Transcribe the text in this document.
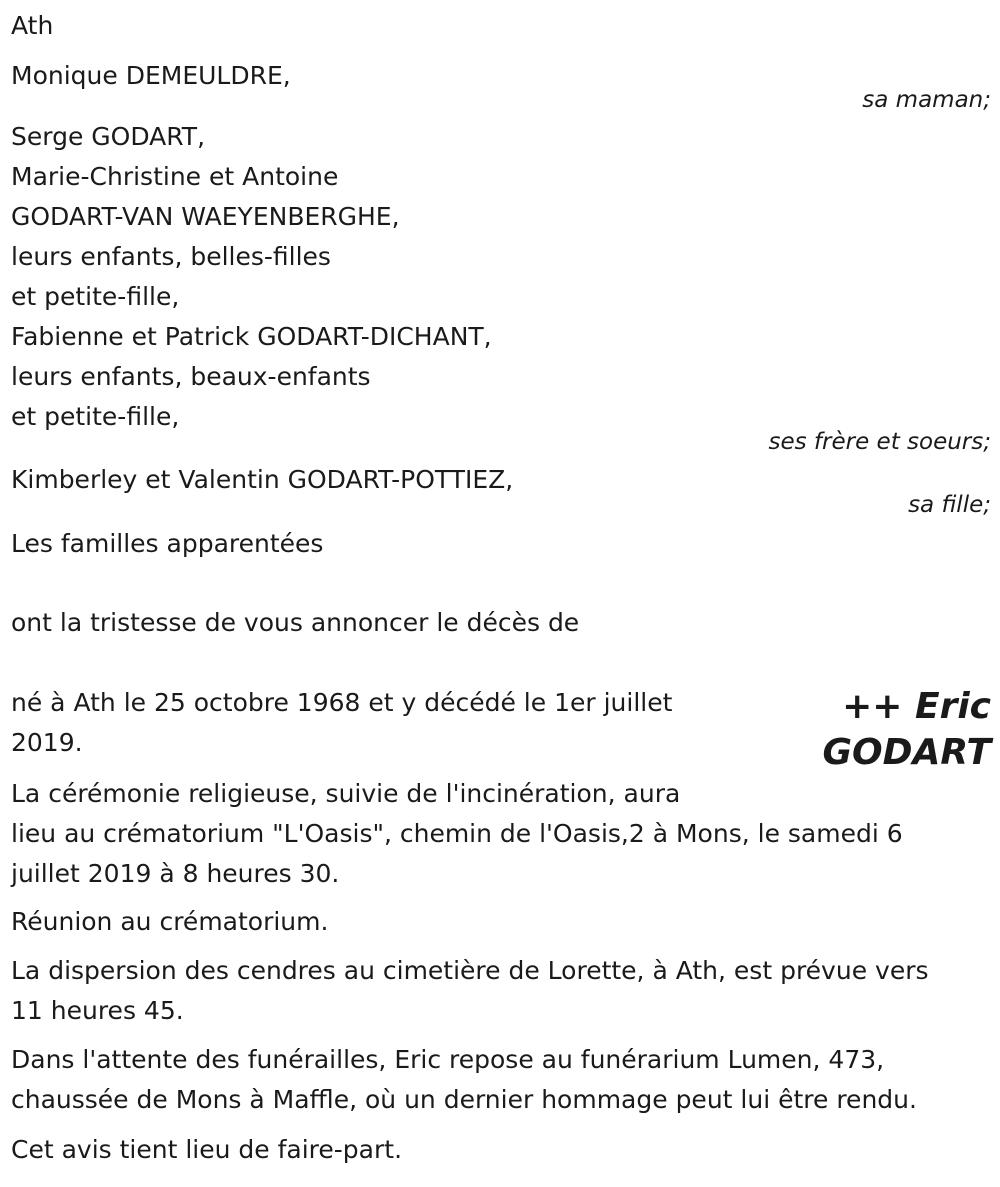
Ath
Monique DEMEULDRE,
sa maman;
Serge GODART,
Marie-Christine et Antoine
GODART-VAN WAEYENBERGHE,
leurs enfants, belles-filles
et petite-fille,
Fabienne et Patrick GODART-DICHANT,
leurs enfants, beaux-enfants
et petite-fille,
ses frère et soeurs;
Kimberley et Valentin GODART-POTTIEZ,
sa fille;
Les familles apparentées
ont la tristesse de vous annoncer le décès de
né à Ath le 25 octobre 1968 et y décédé le 1er juillet
2019.
++ Eric
GODART
La cérémonie religieuse, suivie de l'incinération, aura
lieu au crématorium "L'Oasis", chemin de l'Oasis,2 à Mons, le samedi 6
juillet 2019 à 8 heures 30.
Réunion au crématorium.
La dispersion des cendres au cimetière de Lorette, à Ath, est prévue vers
11 heures 45.
Dans l'attente des funérailles, Eric repose au funérarium Lumen, 473,
chaussée de Mons à Maffle, où un dernier hommage peut lui être rendu.
Cet avis tient lieu de faire-part.
